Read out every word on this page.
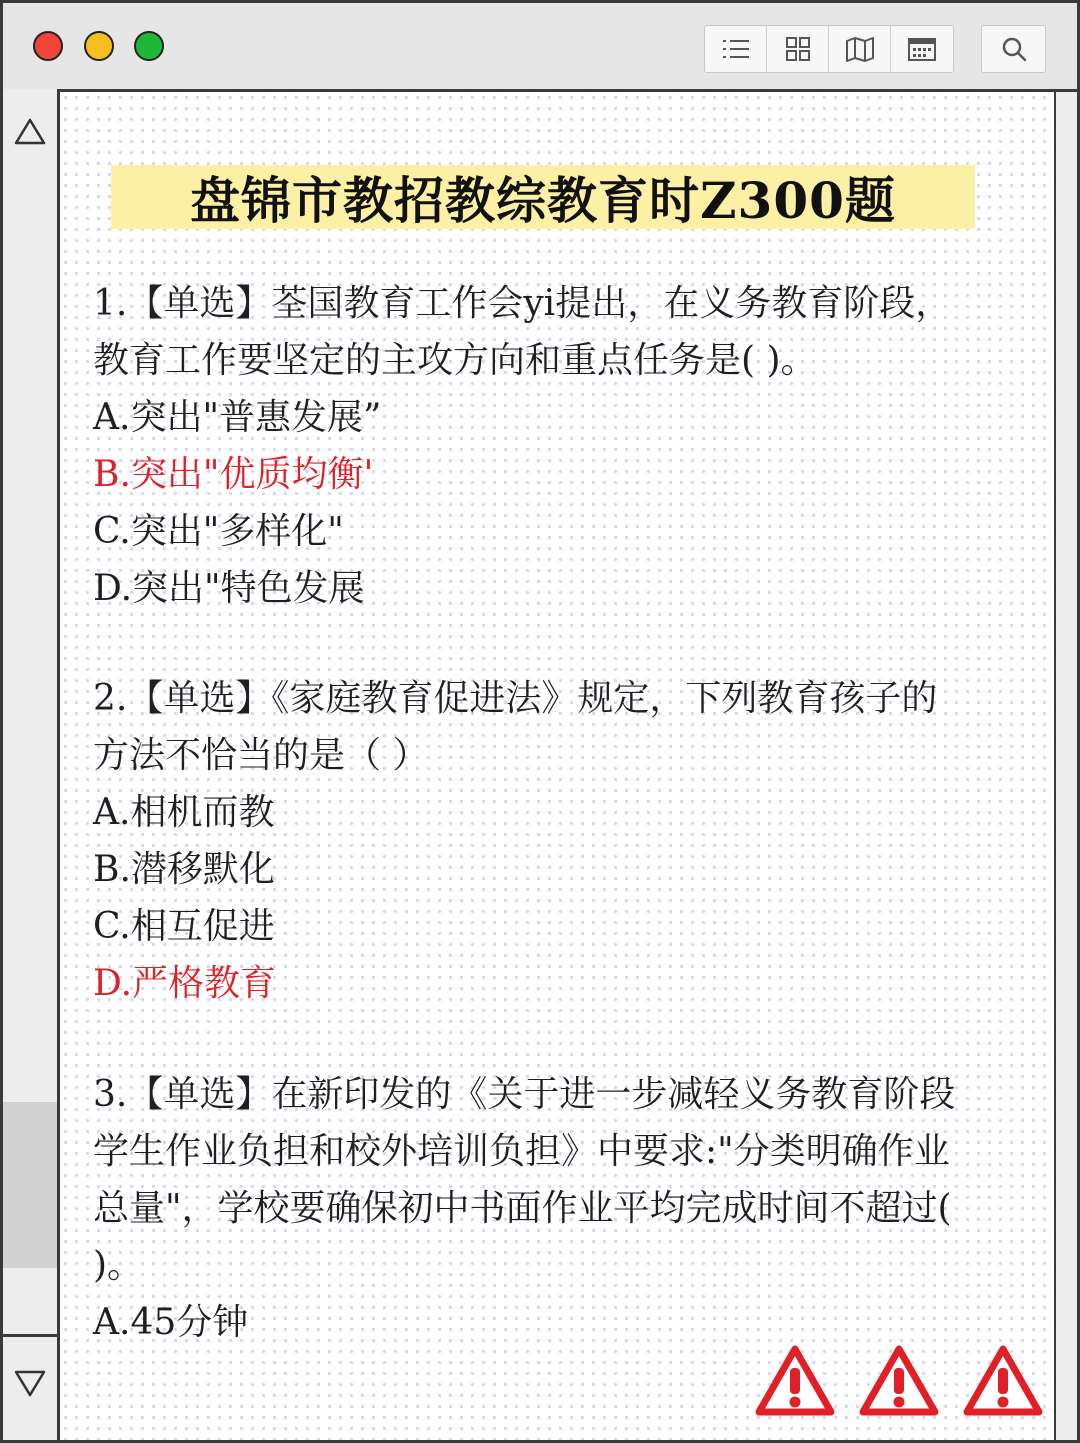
盘锦市教招教综教育时Z300题
1.【单选】荃国教育工作会yi提出，在义务教育阶段，
教育工作要坚定的主攻方向和重点任务是( )。
A.突出"普惠发展”
B.突出"优质均衡'
C.突出"多样化"
D.突出"特色发展
2.【单选】《家庭教育促进法》规定，下列教育孩子的
方法不恰当的是（ ）
A.相机而教
B.潜移默化
C.相互促进
D.严格教育
3.【单选】在新印发的《关于进一步减轻义务教育阶段
学生作业负担和校外培训负担》中要求:"分类明确作业
总量"，学校要确保初中书面作业平均完成时间不超过(
)。
A.45分钟
